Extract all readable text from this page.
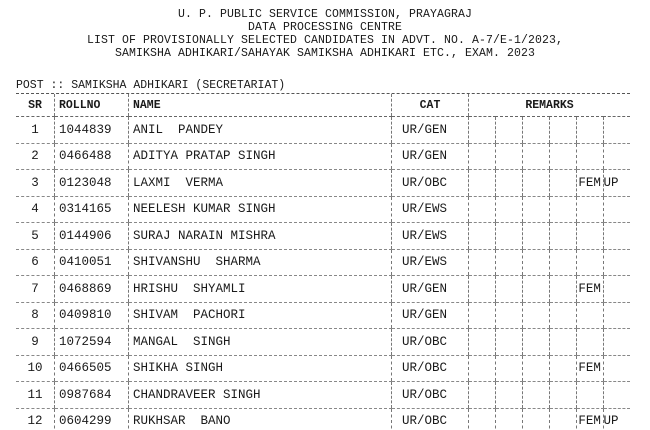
U. P. PUBLIC SERVICE COMMISSION, PRAYAGRAJ
DATA PROCESSING CENTRE
LIST OF PROVISIONALLY SELECTED CANDIDATES IN ADVT. NO. A-7/E-1/2023,
SAMIKSHA ADHIKARI/SAHAYAK SAMIKSHA ADHIKARI ETC., EXAM. 2023
POST :: SAMIKSHA ADHIKARI (SECRETARIAT)
SR	ROLLNO	NAME	CAT	REMARKS					
1	1044839	ANIL  PANDEY	UR/GEN						
2	0466488	ADITYA PRATAP SINGH	UR/GEN						
3	0123048	LAXMI  VERMA	UR/OBC					FEM	UP
4	0314165	NEELESH KUMAR SINGH	UR/EWS						
5	0144906	SURAJ NARAIN MISHRA	UR/EWS						
6	0410051	SHIVANSHU  SHARMA	UR/EWS						
7	0468869	HRISHU  SHYAMLI	UR/GEN					FEM	
8	0409810	SHIVAM  PACHORI	UR/GEN						
9	1072594	MANGAL  SINGH	UR/OBC						
10	0466505	SHIKHA SINGH	UR/OBC					FEM	
11	0987684	CHANDRAVEER SINGH	UR/OBC						
12	0604299	RUKHSAR  BANO	UR/OBC					FEM	UP
